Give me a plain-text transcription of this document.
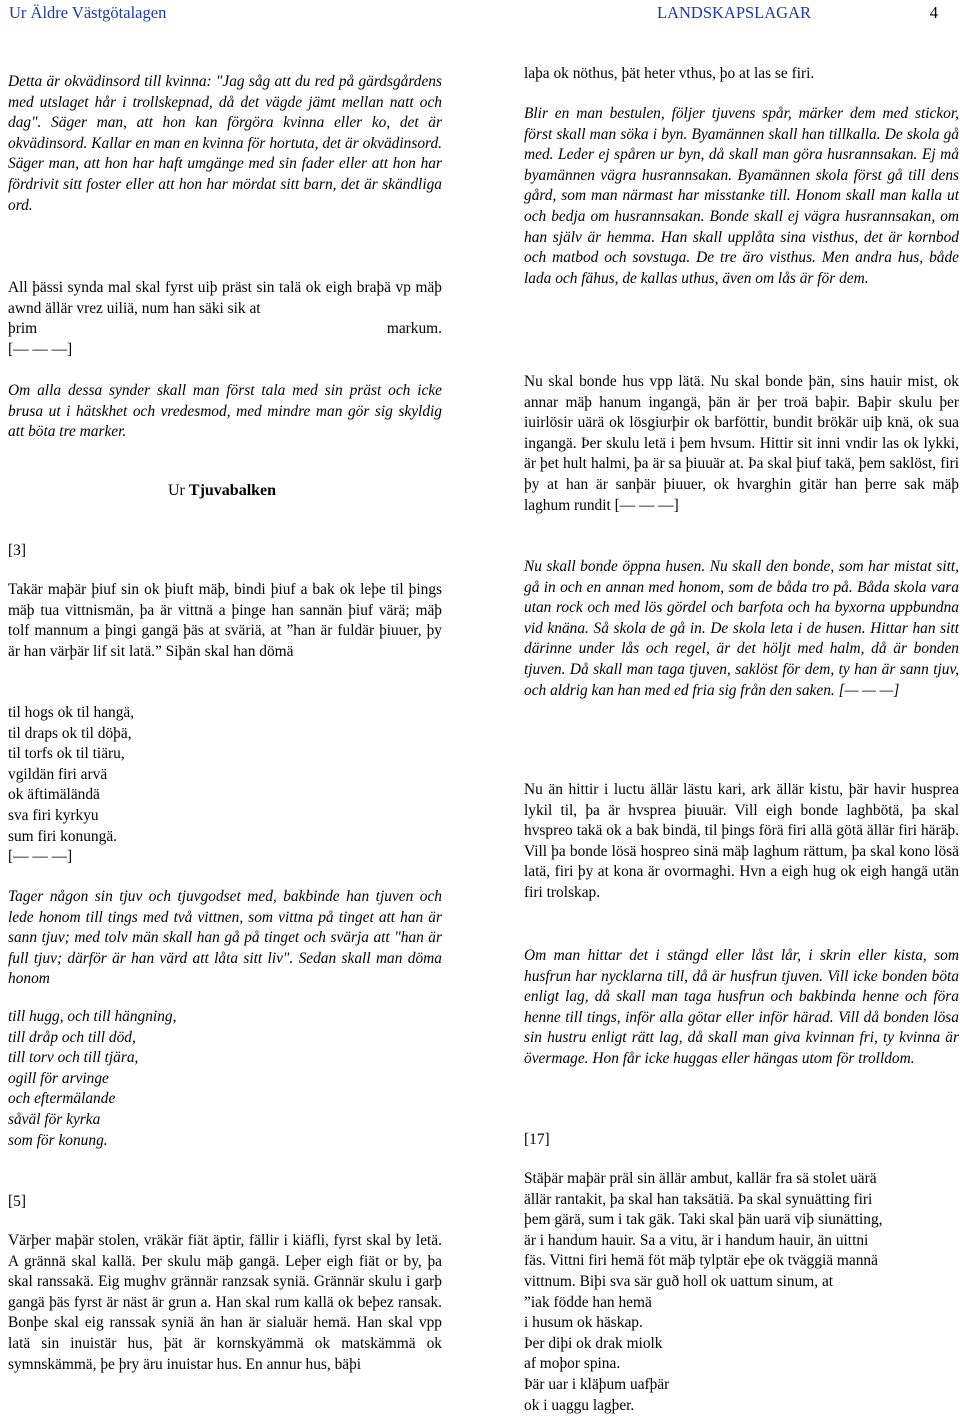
Ur Äldre Västgötalagen	LANDSKAPSLAGAR	4

Detta är okvädinsord till kvinna: "Jag såg att du red på gärdsgårdens med utslaget hår i trollskepnad, då det vägde jämt mellan natt och dag". Säger man, att hon kan förgöra kvinna eller ko, det är okvädinsord. Kallar en man en kvinna för hortuta, det är okvädinsord. Säger man, att hon har haft umgänge med sin fader eller att hon har fördrivit sitt foster eller att hon har mördat sitt barn, det är skändliga ord.

All þässi synda mal skal fyrst uiþ präst sin talä ok eigh braþä vp mäþ awnd ällär vrez uiliä, num han säki sik at

þrim	markum.

[— — —]

Om alla dessa synder skall man först tala med sin präst och icke brusa ut i hätskhet och vredesmod, med mindre man gör sig skyldig att böta tre marker.

Ur Tjuvabalken

[3]

Takär maþär þiuf sin ok þiuft mäþ, bindi þiuf a bak ok leþe til þings mäþ tua vittnismän, þa är vittnä a þinge han sannän þiuf värä; mäþ tolf mannum a þingi gangä þäs at sväriä, at ”han är fuldär þiuuer, þy är han värþär lif sit latä.” Siþän skal han dömä

til hogs ok til hangä,
til draps ok til döþä,
til torfs ok til tiäru,
vgildän firi arvä
ok äftimäländä
sva firi kyrkyu
sum firi konungä.

[— — —]

Tager någon sin tjuv och tjuvgodset med, bakbinde han tjuven och lede honom till tings med två vittnen, som vittna på tinget att han är sann tjuv; med tolv män skall han gå på tinget och svärja att "han är full tjuv; därför är han värd att låta sitt liv". Sedan skall man döma honom

till hugg, och till hängning,
till dråp och till död,
till torv och till tjära,
ogill för arvinge
och eftermälande
såväl för kyrka
som för konung.

[5]

Värþer maþär stolen, vräkär fiät äptir, fällir i kiäfli, fyrst skal by letä. A grännä skal kallä. Þer skulu mäþ gangä. Leþer eigh fiät or by, þa skal ranssakä. Eig mughv grännär ranzsak syniä. Grännär skulu i garþ gangä þäs fyrst är näst är grun a. Han skal rum kallä ok beþez ransak. Bonþe skal eig ranssak syniä än han är sialuär hemä. Han skal vpp latä sin inuistär hus, þät är kornskyämmä ok matskämmä ok symnskämmä, þe þry äru inuistar hus. En annur hus, bäþi

laþa ok nöthus, þät heter vthus, þo at las se firi.

Blir en man bestulen, följer tjuvens spår, märker dem med stickor, först skall man söka i byn. Byamännen skall han tillkalla. De skola gå med. Leder ej spåren ur byn, då skall man göra husrannsakan. Ej må byamännen vägra husrannsakan. Byamännen skola först gå till dens gård, som man närmast har misstanke till. Honom skall man kalla ut och bedja om husrannsakan. Bonde skall ej vägra husrannsakan, om han själv är hemma. Han skall upplåta sina visthus, det är kornbod och matbod och sovstuga. De tre äro visthus. Men andra hus, både lada och fähus, de kallas uthus, även om lås är för dem.

Nu skal bonde hus vpp lätä. Nu skal bonde þän, sins hauir mist, ok annar mäþ hanum ingangä, þän är þer troä baþir. Baþir skulu þer iuirlösir uärä ok lösgiurþir ok barföttir, bundit brökär uiþ knä, ok sua ingangä. Þer skulu letä i þem hvsum. Hittir sit inni vndir las ok lykki, är þet hult halmi, þa är sa þiuuär at. Þa skal þiuf takä, þem saklöst, firi þy at han är sanþär þiuuer, ok hvarghin gitär han þerre sak mäþ laghum rundit [— — —]

Nu skall bonde öppna husen. Nu skall den bonde, som har mistat sitt, gå in och en annan med honom, som de båda tro på. Båda skola vara utan rock och med lös gördel och barfota och ha byxorna uppbundna vid knäna. Så skola de gå in. De skola leta i de husen. Hittar han sitt därinne under lås och regel, är det höljt med halm, då är bonden tjuven. Då skall man taga tjuven, saklöst för dem, ty han är sann tjuv, och aldrig kan han med ed fria sig från den saken. [— — —]

Nu än hittir i luctu ällär lästu kari, ark ällär kistu, þär havir husprea lykil til, þa är hvsprea þiuuär. Vill eigh bonde laghbötä, þa skal hvspreo takä ok a bak bindä, til þings förä firi allä götä ällär firi häräþ. Vill þa bonde lösä hospreo sinä mäþ laghum rättum, þa skal kono lösä latä, firi þy at kona är ovormaghi. Hvn a eigh hug ok eigh hangä utän firi trolskap.

Om man hittar det i stängd eller låst lår, i skrin eller kista, som husfrun har nycklarna till, då är husfrun tjuven. Vill icke bonden böta enligt lag, då skall man taga husfrun och bakbinda henne och föra henne till tings, inför alla götar eller inför härad. Vill då bonden lösa sin hustru enligt rätt lag, då skall man giva kvinnan fri, ty kvinna är övermage. Hon får icke huggas eller hängas utom för trolldom.

[17]

Stäþär maþär präl sin ällär ambut, kallär fra sä stolet uärä
ällär rantakit, þa skal han taksätiä. Þa skal synuätting firi
þem gärä, sum i tak gäk. Taki skal þän uarä viþ siunätting,
är i handum hauir. Sa a vitu, är i handum hauir, än uittni
fäs. Vittni firi hemä föt mäþ tylptär eþe ok tväggiä mannä
vittnum. Biþi sva sär guð holl ok uattum sinum, at
”iak födde han hemä
i husum ok häskap.
Þer diþi ok drak miolk
af moþor spina.
Þär uar i kläþum uafþär
ok i uaggu lagþer.
